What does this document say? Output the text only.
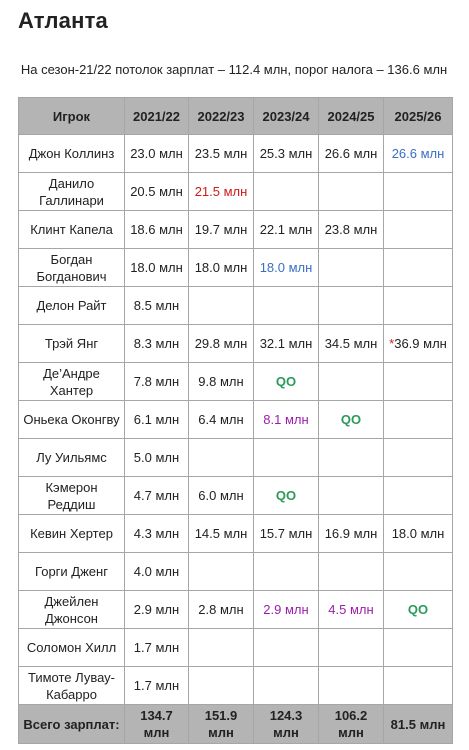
Атланта
На сезон-21/22 потолок зарплат – 112.4 млн, порог налога – 136.6 млн
Игрок	2021/22	2022/23	2023/24	2024/25	2025/26
Джон Коллинз	23.0 млн	23.5 млн	25.3 млн	26.6 млн	26.6 млн
Данило Галлинари	20.5 млн	21.5 млн			
Клинт Капела	18.6 млн	19.7 млн	22.1 млн	23.8 млн	
Богдан Богданович	18.0 млн	18.0 млн	18.0 млн		
Делон Райт	8.5 млн				
Трэй Янг	8.3 млн	29.8 млн	32.1 млн	34.5 млн	*36.9 млн
Де’Андре Хантер	7.8 млн	9.8 млн	QO		
Оньека Оконгву	6.1 млн	6.4 млн	8.1 млн	QO	
Лу Уильямс	5.0 млн				
Кэмерон Реддиш	4.7 млн	6.0 млн	QO		
Кевин Хертер	4.3 млн	14.5 млн	15.7 млн	16.9 млн	18.0 млн
Горги Дженг	4.0 млн				
Джейлен Джонсон	2.9 млн	2.8 млн	2.9 млн	4.5 млн	QO
Соломон Хилл	1.7 млн				
Тимоте Лувау-Кабарро	1.7 млн				
Всего зарплат:	134.7 млн	151.9 млн	124.3 млн	106.2 млн	81.5 млн
